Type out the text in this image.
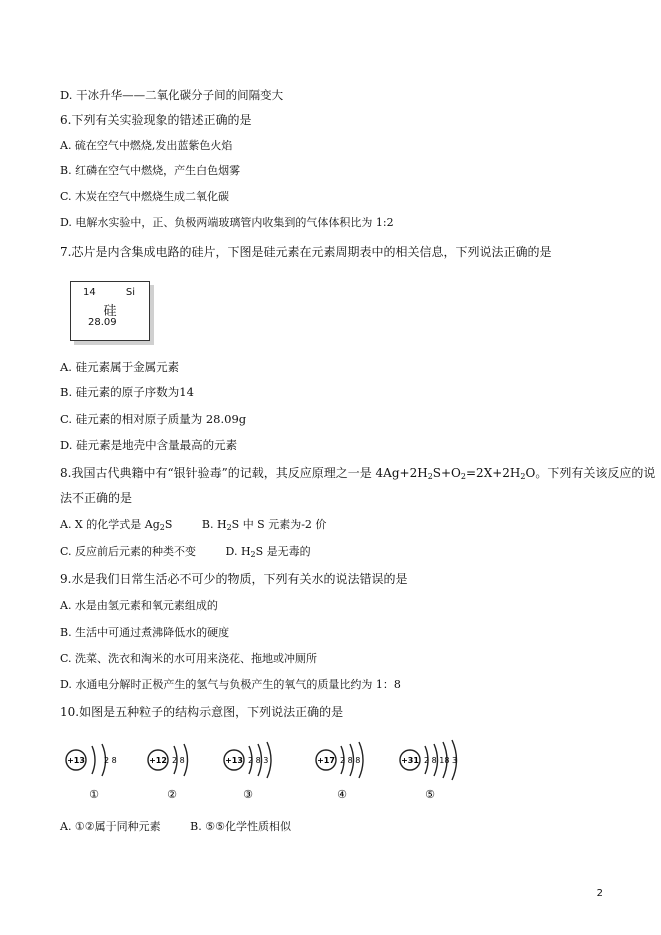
D. 干冰升华——二氧化碳分子间的间隔变大
6.下列有关实验现象的错述正确的是
A. 硫在空气中燃烧,发出蓝紫色火焰
B. 红磷在空气中燃烧，产生白色烟雾
C. 木炭在空气中燃烧生成二氧化碳
D. 电解水实验中，正、负极两端玻璃管内收集到的气体体积比为 1:2
7.芯片是内含集成电路的硅片，下图是硅元素在元素周期表中的相关信息，下列说法正确的是
14	Si
硅
28.09
A. 硅元素属于金属元素
B. 硅元素的原子序数为14
C. 硅元素的相对原子质量为 28.09g
D. 硅元素是地壳中含量最高的元素
8.我国古代典籍中有“银针验毒”的记载，其反应原理之一是 $4Ag+2H_2S+O_2=2X+2H_2O$。下列有关该反应的说
法不正确的是
A. X 的化学式是 $Ag_2S$	B. $H_2S$ 中 S 元素为-2 价
C. 反应前后元素的种类不变	D. $H_2S$ 是无毒的
9.水是我们日常生活必不可少的物质，下列有关水的说法错误的是
A. 水是由氢元素和氧元素组成的
B. 生活中可通过煮沸降低水的硬度
C. 洗菜、洗衣和淘米的水可用来浇花、拖地或冲厕所
D. 水通电分解时正极产生的氢气与负极产生的氧气的质量比约为 1：8
10.如图是五种粒子的结构示意图，下列说法正确的是
+13 2 8
①
+12 2 8
②
+13 2 8 3
③
+17 2 8 8
④
+31 2 8 18 3
⑤
A. ①②属于同种元素	B. ⑤⑤化学性质相似
2
